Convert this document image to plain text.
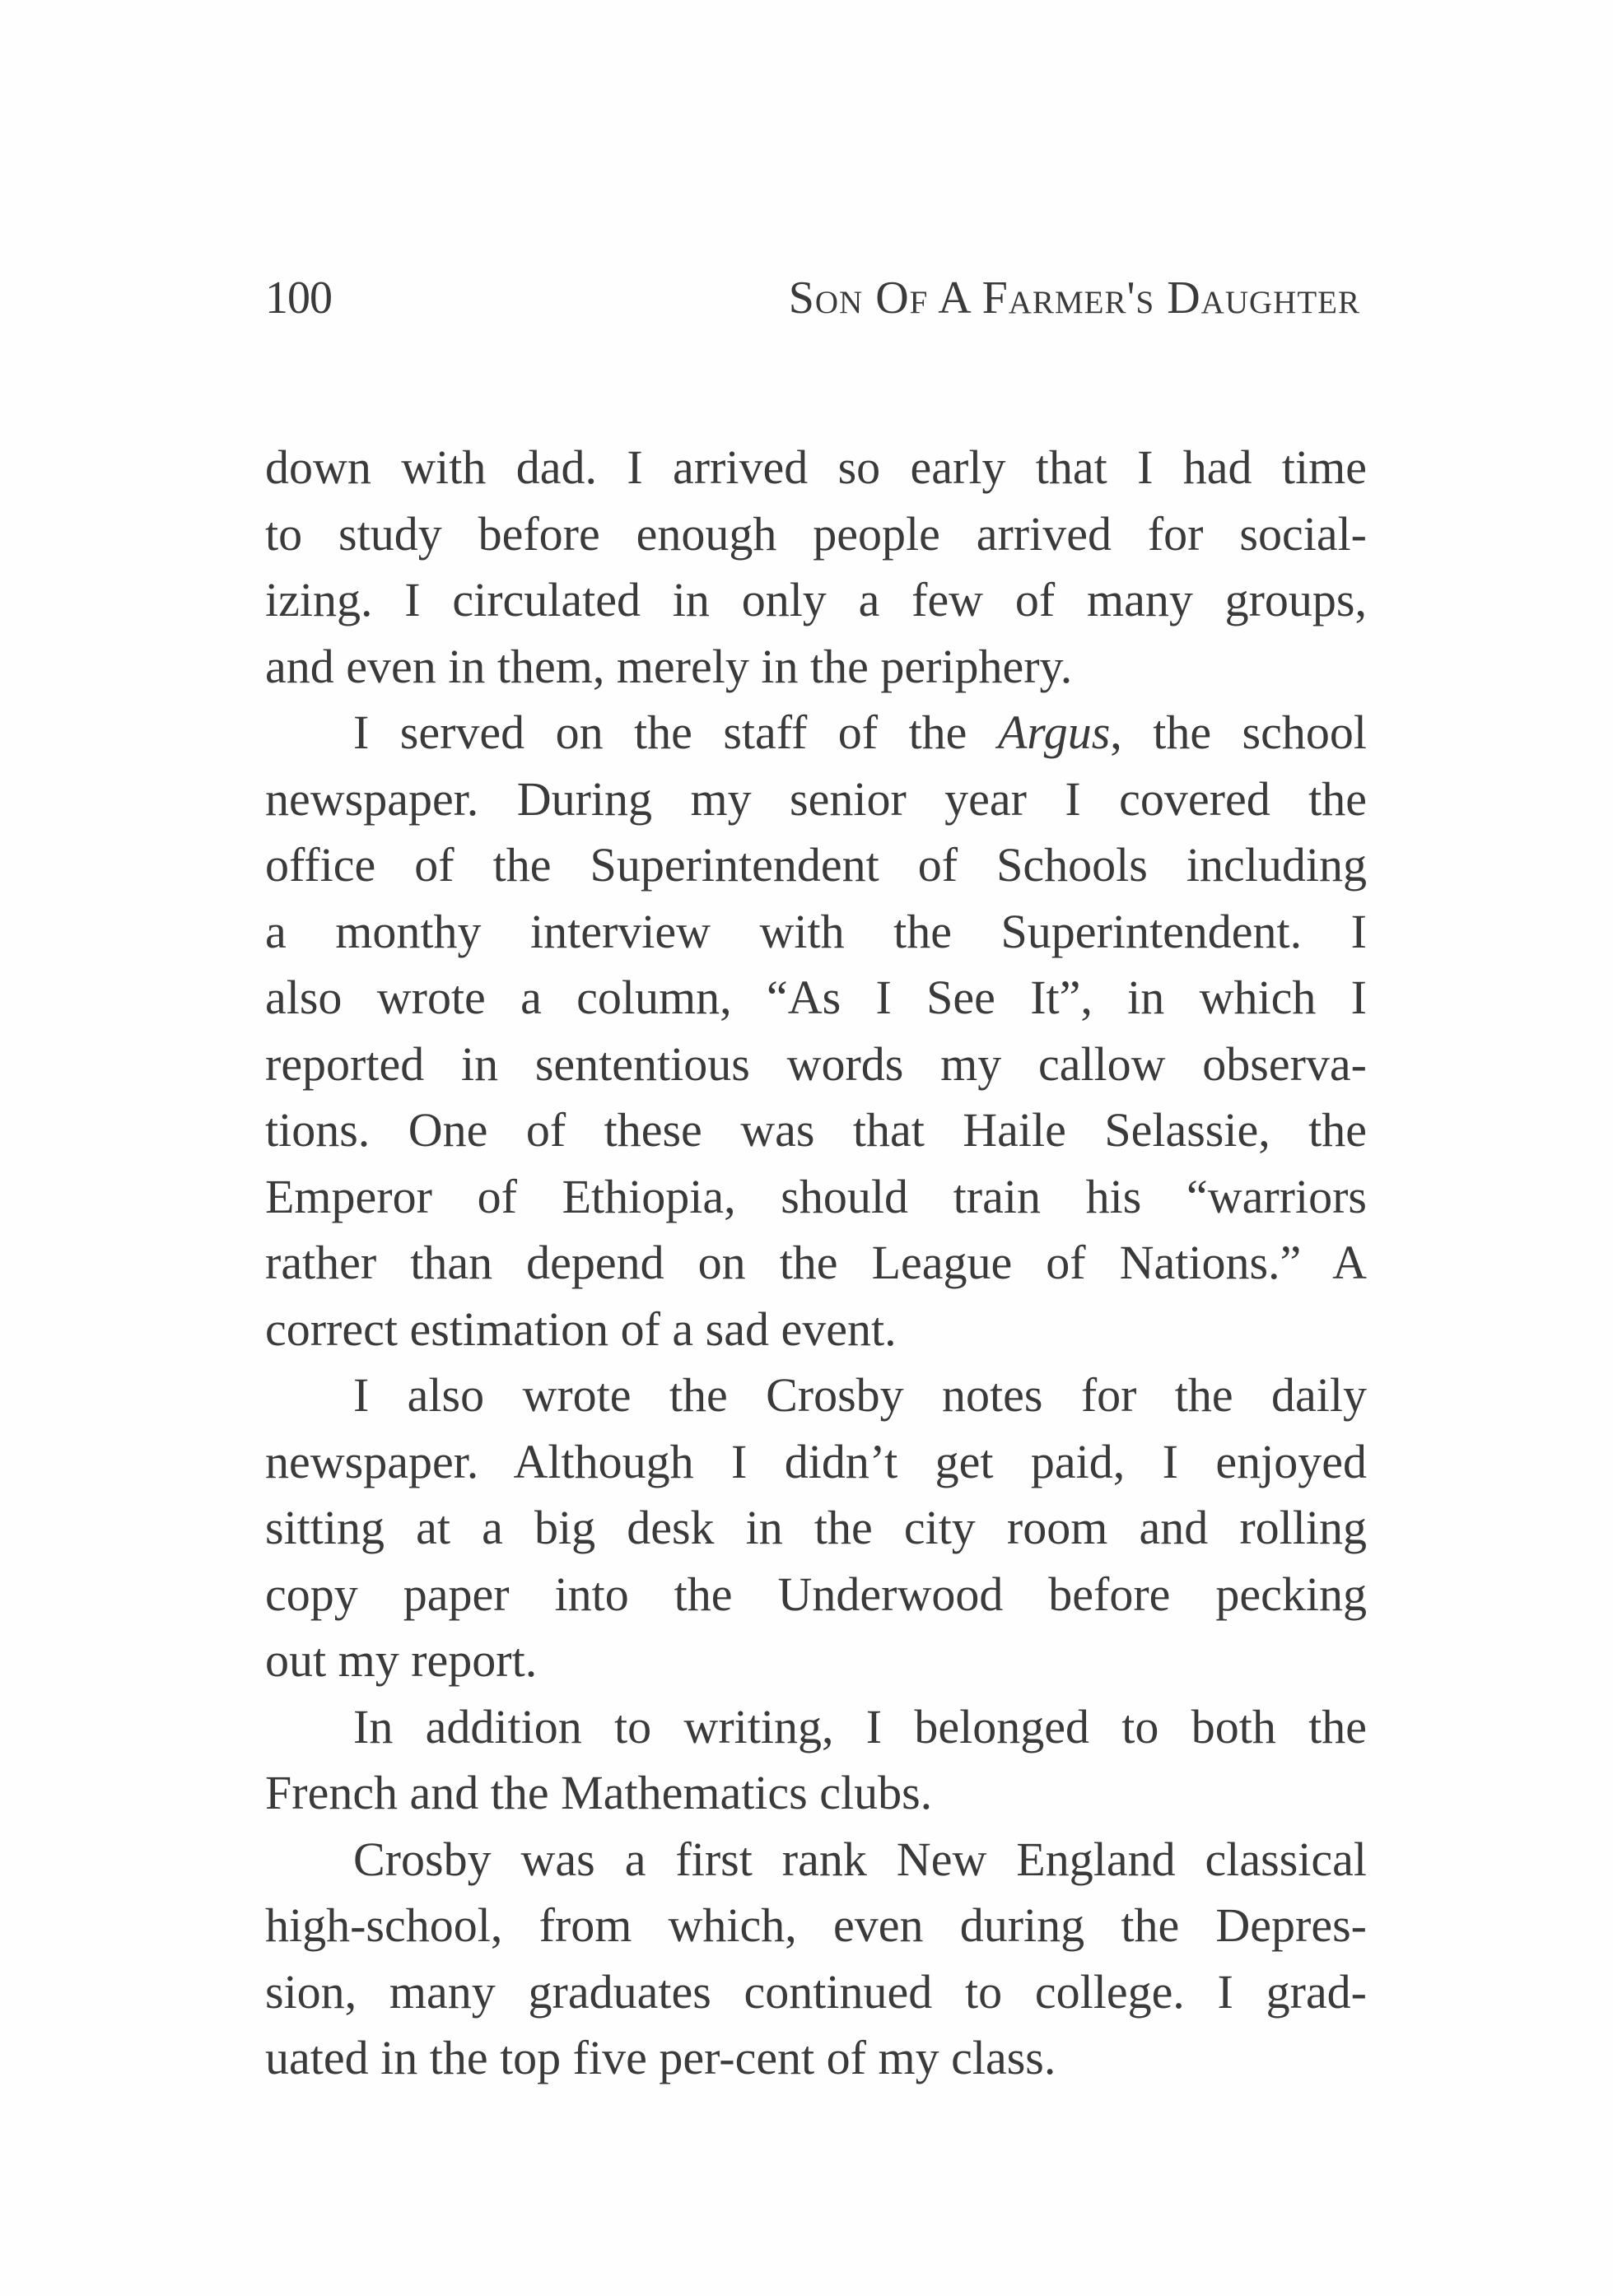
100	Son Of A Farmer's Daughter
down with dad. I arrived so early that I had time
to study before enough people arrived for social-
izing. I circulated in only a few of many groups,
and even in them, merely in the periphery.
I served on the staff of the Argus, the school
newspaper. During my senior year I covered the
office of the Superintendent of Schools including
a monthy interview with the Superintendent. I
also wrote a column, “As I See It”, in which I
reported in sententious words my callow observa-
tions. One of these was that Haile Selassie, the
Emperor of Ethiopia, should train his “warriors
rather than depend on the League of Nations.” A
correct estimation of a sad event.
I also wrote the Crosby notes for the daily
newspaper. Although I didn’t get paid, I enjoyed
sitting at a big desk in the city room and rolling
copy paper into the Underwood before pecking
out my report.
In addition to writing, I belonged to both the
French and the Mathematics clubs.
Crosby was a first rank New England classical
high-school, from which, even during the Depres-
sion, many graduates continued to college. I grad-
uated in the top five per-cent of my class.
